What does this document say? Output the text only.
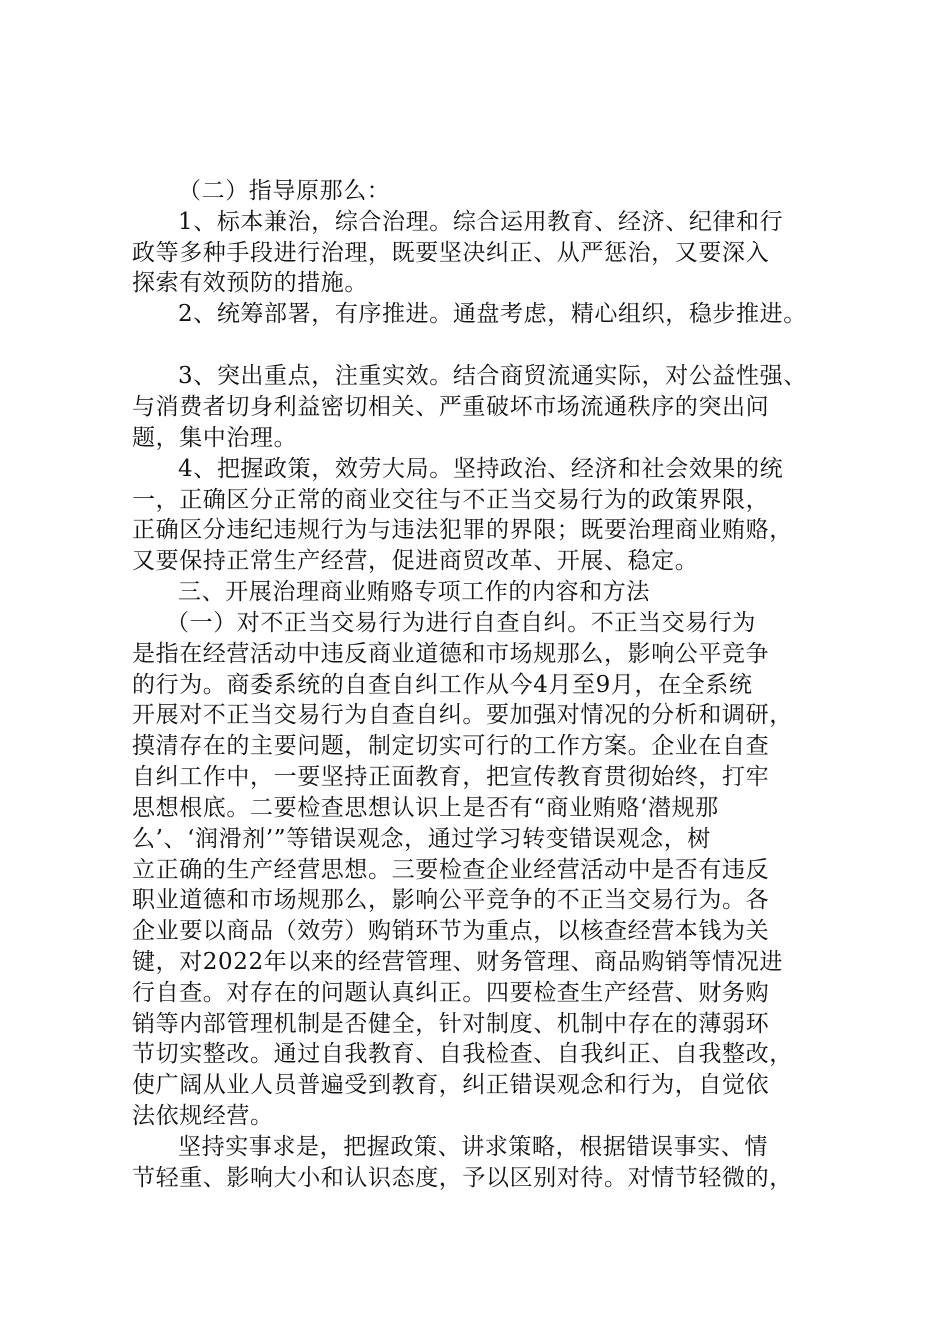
（二）指导原那么：
1、标本兼治，综合治理。综合运用教育、经济、纪律和行
政等多种手段进行治理，既要坚决纠正、从严惩治，又要深入
探索有效预防的措施。
2、统筹部署，有序推进。通盘考虑，精心组织，稳步推进。
3、突出重点，注重实效。结合商贸流通实际，对公益性强、
与消费者切身利益密切相关、严重破坏市场流通秩序的突出问
题，集中治理。
4、把握政策，效劳大局。坚持政治、经济和社会效果的统
一，正确区分正常的商业交往与不正当交易行为的政策界限，
正确区分违纪违规行为与违法犯罪的界限；既要治理商业贿赂，
又要保持正常生产经营，促进商贸改革、开展、稳定。
三、开展治理商业贿赂专项工作的内容和方法
（一）对不正当交易行为进行自查自纠。不正当交易行为
是指在经营活动中违反商业道德和市场规那么，影响公平竞争
的行为。商委系统的自查自纠工作从今4月至9月，在全系统
开展对不正当交易行为自查自纠。要加强对情况的分析和调研，
摸清存在的主要问题，制定切实可行的工作方案。企业在自查
自纠工作中，一要坚持正面教育，把宣传教育贯彻始终，打牢
思想根底。二要检查思想认识上是否有“商业贿赂‘潜规那
么’、‘润滑剂’”等错误观念，通过学习转变错误观念，树
立正确的生产经营思想。三要检查企业经营活动中是否有违反
职业道德和市场规那么，影响公平竞争的不正当交易行为。各
企业要以商品（效劳）购销环节为重点，以核查经营本钱为关
键，对2022年以来的经营管理、财务管理、商品购销等情况进
行自查。对存在的问题认真纠正。四要检查生产经营、财务购
销等内部管理机制是否健全，针对制度、机制中存在的薄弱环
节切实整改。通过自我教育、自我检查、自我纠正、自我整改，
使广阔从业人员普遍受到教育，纠正错误观念和行为，自觉依
法依规经营。
坚持实事求是，把握政策、讲求策略，根据错误事实、情
节轻重、影响大小和认识态度，予以区别对待。对情节轻微的，
